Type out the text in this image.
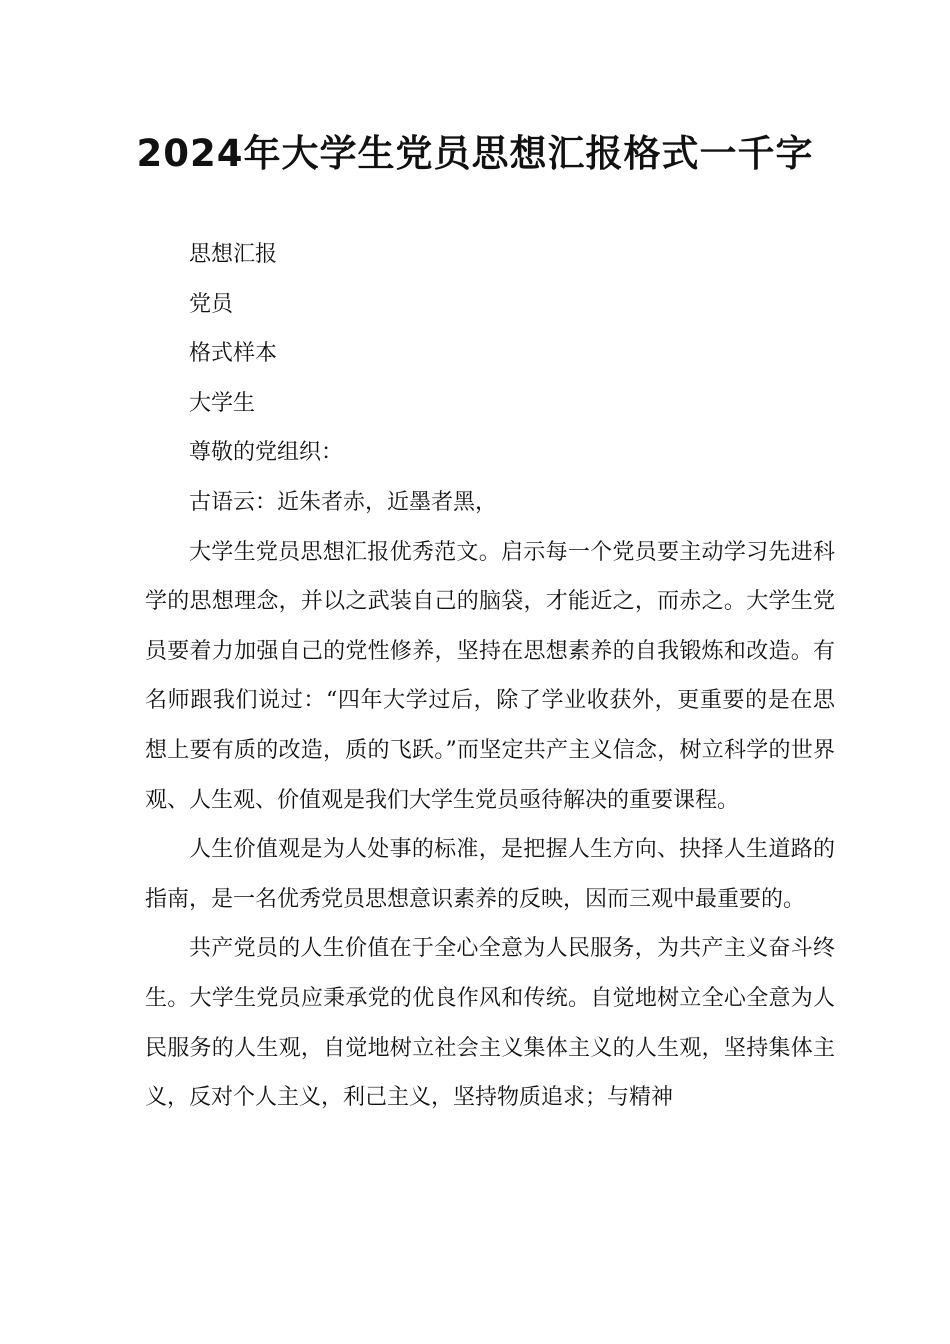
2024年大学生党员思想汇报格式一千字

思想汇报

党员

格式样本

大学生

尊敬的党组织：

古语云：近朱者赤，近墨者黑，

大学生党员思想汇报优秀范文。启示每一个党员要主动学习先进科学的思想理念，并以之武装自己的脑袋，才能近之，而赤之。大学生党员要着力加强自己的党性修养，坚持在思想素养的自我锻炼和改造。有名师跟我们说过：“四年大学过后，除了学业收获外，更重要的是在思想上要有质的改造，质的飞跃。”而坚定共产主义信念，树立科学的世界观、人生观、价值观是我们大学生党员亟待解决的重要课程。

人生价值观是为人处事的标准，是把握人生方向、抉择人生道路的指南，是一名优秀党员思想意识素养的反映，因而三观中最重要的。

共产党员的人生价值在于全心全意为人民服务，为共产主义奋斗终生。大学生党员应秉承党的优良作风和传统。自觉地树立全心全意为人民服务的人生观，自觉地树立社会主义集体主义的人生观，坚持集体主义，反对个人主义，利己主义，坚持物质追求；与精神
